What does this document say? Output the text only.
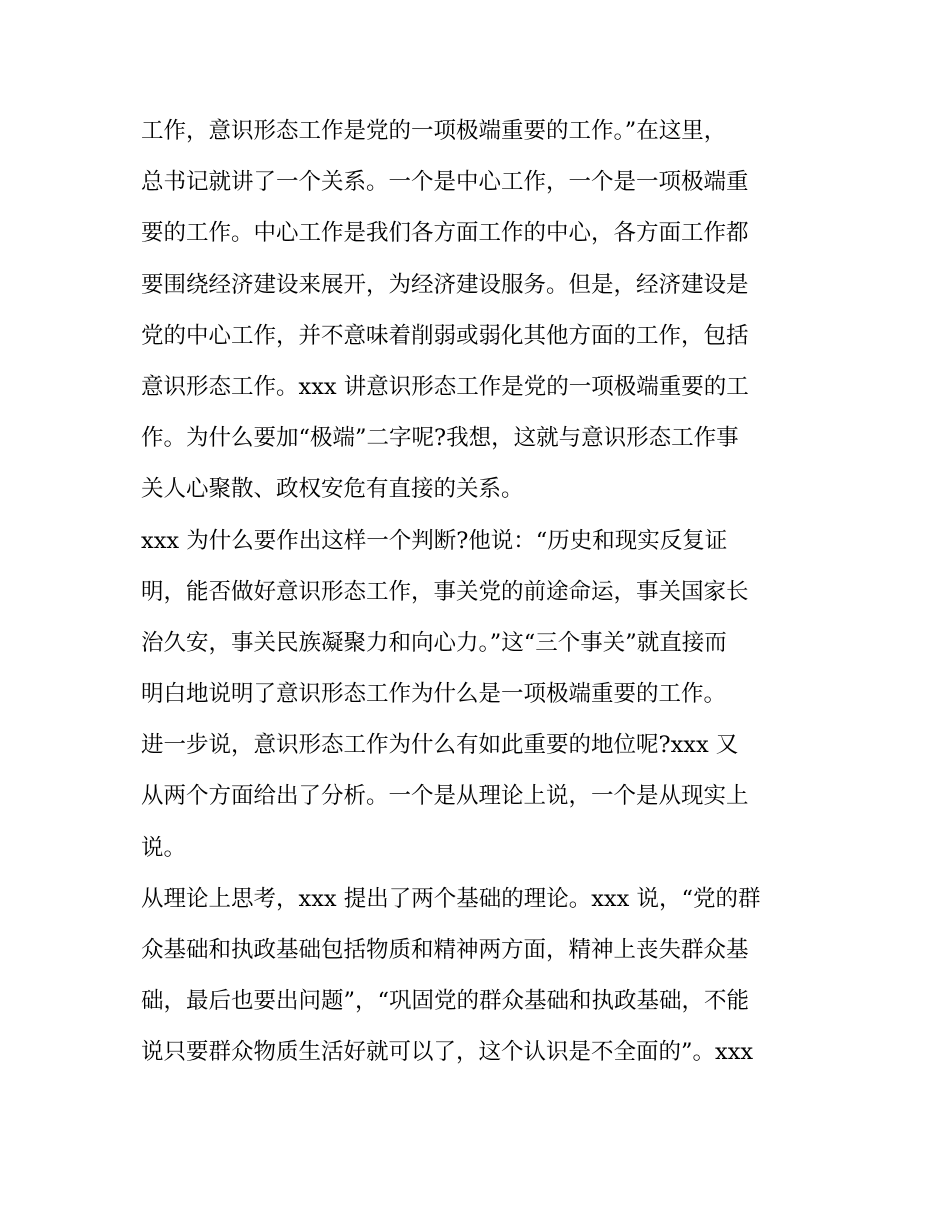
工作，意识形态工作是党的一项极端重要的工作。”在这里，

总书记就讲了一个关系。一个是中心工作，一个是一项极端重

要的工作。中心工作是我们各方面工作的中心，各方面工作都

要围绕经济建设来展开，为经济建设服务。但是，经济建设是

党的中心工作，并不意味着削弱或弱化其他方面的工作，包括

意识形态工作。xxx 讲意识形态工作是党的一项极端重要的工

作。为什么要加“极端”二字呢?我想，这就与意识形态工作事

关人心聚散、政权安危有直接的关系。

xxx 为什么要作出这样一个判断?他说：“历史和现实反复证

明，能否做好意识形态工作，事关党的前途命运，事关国家长

治久安，事关民族凝聚力和向心力。”这“三个事关”就直接而

明白地说明了意识形态工作为什么是一项极端重要的工作。

进一步说，意识形态工作为什么有如此重要的地位呢?xxx 又

从两个方面给出了分析。一个是从理论上说，一个是从现实上

说。

从理论上思考，xxx 提出了两个基础的理论。xxx 说，“党的群

众基础和执政基础包括物质和精神两方面，精神上丧失群众基

础，最后也要出问题”，“巩固党的群众基础和执政基础，不能

说只要群众物质生活好就可以了，这个认识是不全面的”。xxx
